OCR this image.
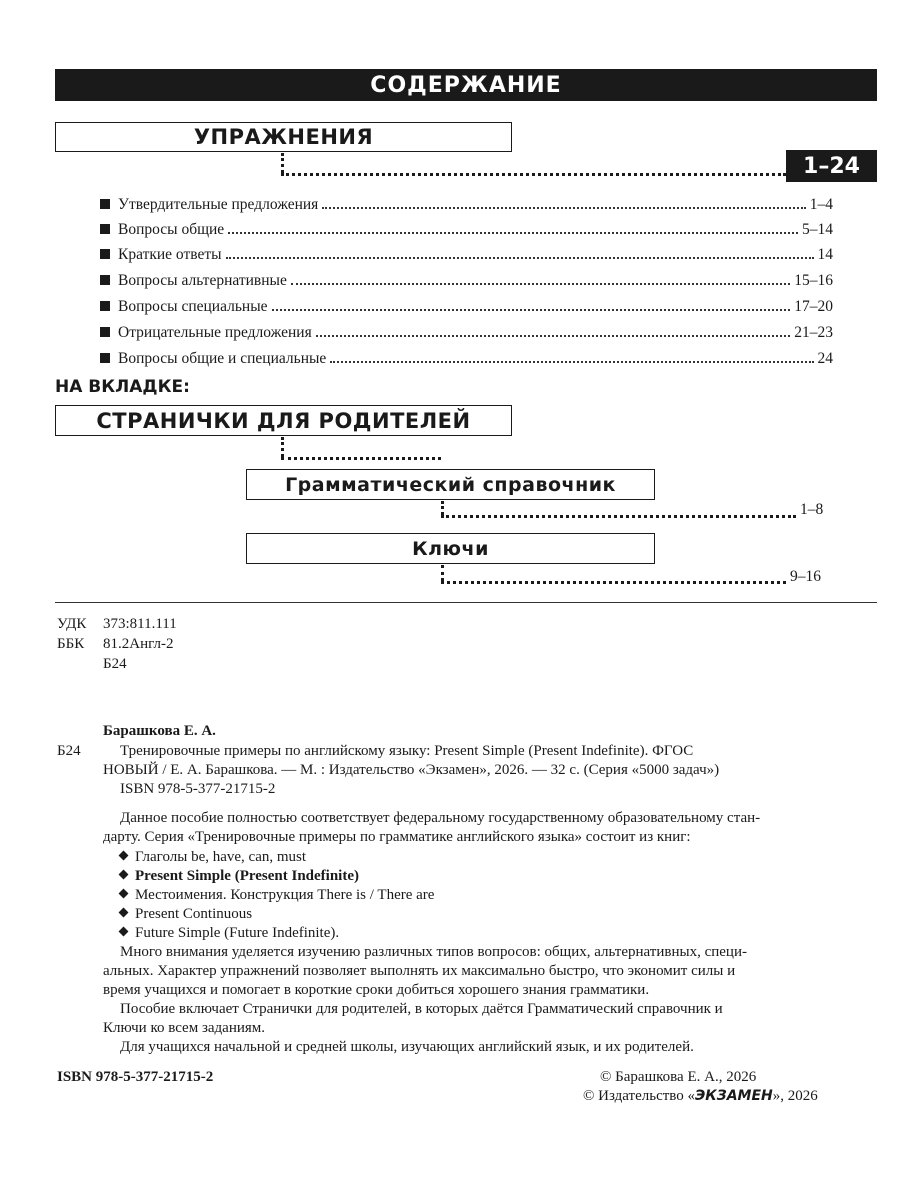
СОДЕРЖАНИЕ
УПРАЖНЕНИЯ
1–24
Утвердительные предложения	1–4
Вопросы общие	5–14
Краткие ответы	14
Вопросы альтернативные	15–16
Вопросы специальные	17–20
Отрицательные предложения	21–23
Вопросы общие и специальные	24
НА ВКЛАДКЕ:
СТРАНИЧКИ ДЛЯ РОДИТЕЛЕЙ
Грамматический справочник
1–8
Ключи
9–16
УДК 373:811.111
ББК 81.2Англ-2
Б24
Барашкова Е. А.
Б24	Тренировочные примеры по английскому языку: Present Simple (Present Indefinite). ФГОС
НОВЫЙ / Е. А. Барашкова. — М. : Издательство «Экзамен», 2026. — 32 с. (Серия «5000 задач»)
ISBN 978-5-377-21715-2
Данное пособие полностью соответствует федеральному государственному образовательному стан-
дарту. Серия «Тренировочные примеры по грамматике английского языка» состоит из книг:
Глаголы be, have, can, must
Present Simple (Present Indefinite)
Местоимения. Конструкция There is / There are
Present Continuous
Future Simple (Future Indefinite).
Много внимания уделяется изучению различных типов вопросов: общих, альтернативных, специ-
альных. Характер упражнений позволяет выполнять их максимально быстро, что экономит силы и
время учащихся и помогает в короткие сроки добиться хорошего знания грамматики.
Пособие включает Странички для родителей, в которых даётся Грамматический справочник и
Ключи ко всем заданиям.
Для учащихся начальной и средней школы, изучающих английский язык, и их родителей.
ISBN 978-5-377-21715-2	© Барашкова Е. А., 2026
© Издательство «ЭКЗАМЕН», 2026
